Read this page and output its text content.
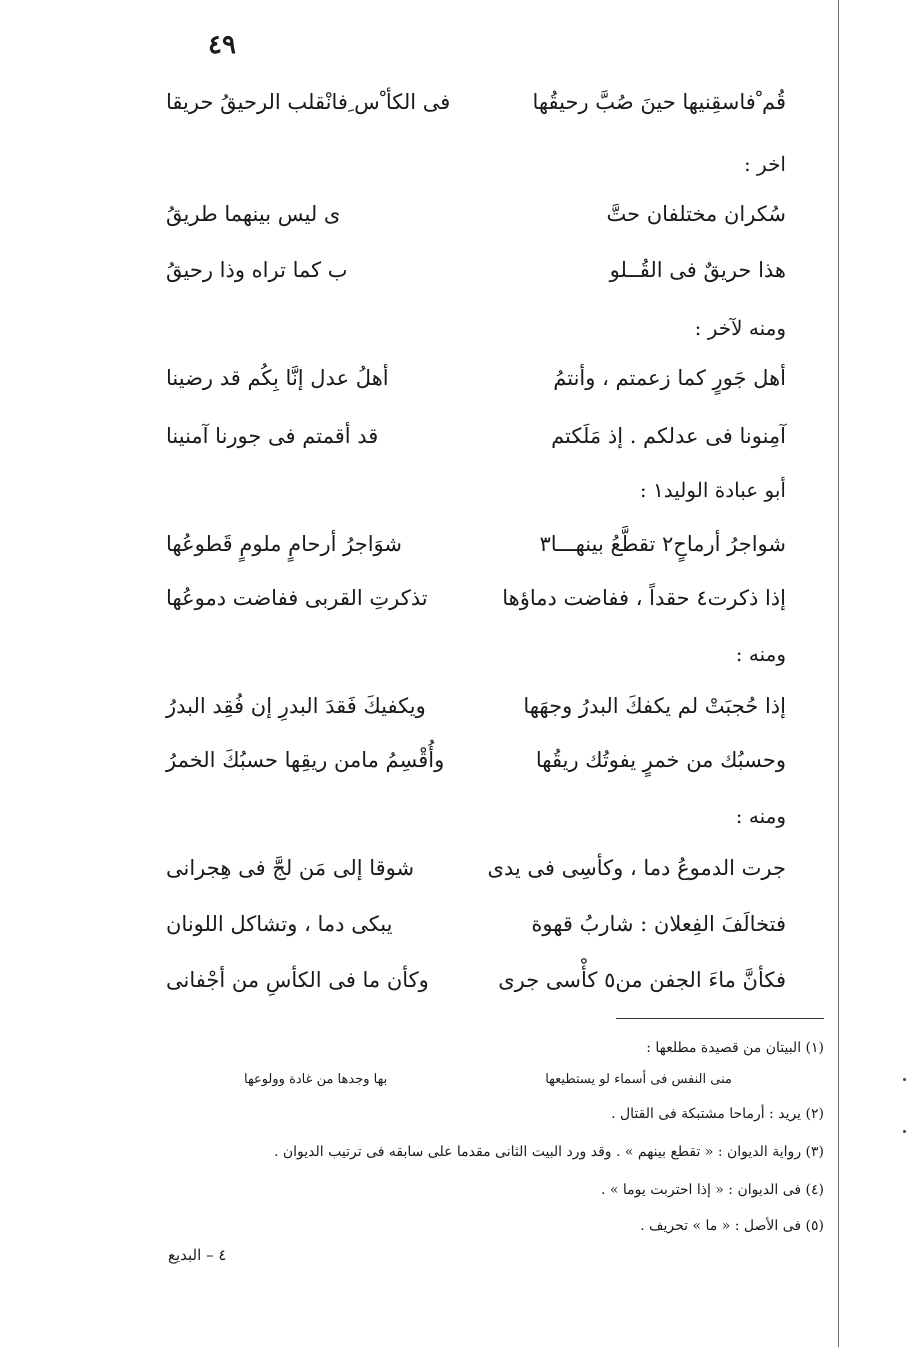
٤٩
قُم ْفاسقِنيها حينَ صُبَّ رحيقُها
فى الكأ ْس ِفانْقلب الرحيقُ حريقا
اخر :
سُكران مختلفان حتَّ
ى ليس بينهما طريقُ
هذا حريقٌ فى القُــلو
ب كما تراه وذا رحيقُ
ومنه لآخر :
أهل جَورٍ كما زعمتم ، وأنتمُ
أهلُ عدل إنَّا بِكُم قد رضينا
آمِنونا فى عدلكم . إذ مَلَكتم
قد أقمتم فى جورنا آمنينا
أبو عبادة الوليد١ :
شواجرُ أرماحٍ٢ تقطَّعُ بينهـــا٣
شوَاجرُ أرحامٍ ملومٍ قَطوعُها
إذا ذكرت٤ حقداً ، ففاضت دماؤها
تذكرتِ القربى ففاضت دموعُها
ومنه :
إذا حُجبَتْ لم يكفكَ البدرُ وجهَها
ويكفيكَ فَقدَ البدرِ إن فُقِد البدرُ
وحسبُك من خمرٍ يفوتُك ريقُها
وأُقْسِمُ مامن ريقِها حسبُكَ الخمرُ
ومنه :
جرت الدموعُ دما ، وكأسِى فى يدى
شوقا إلى مَن لجَّ فى هِجرانى
فتخالَفَ الفِعلان : شاربُ قهوة
يبكى دما ، وتشاكل اللونان
فكأنَّ ماءَ الجفن من٥ كأْسى جرى
وكأن ما فى الكأسِ من أجْفانى
(١) البيتان من قصيدة مطلعها :
منى النفس فى أسماء لو يستطيعها
بها وجدها من غادة وولوعها
(٢) يريد : أرماحا مشتبكة فى القتال .
(٣) رواية الديوان : « تقطع بينهم » . وقد ورد البيت الثانى مقدما على سابقه فى ترتيب الديوان .
(٤) فى الديوان : « إذا احتربت يوما » .
(٥) فى الأصل : « ما » تحريف .
٤ – البديع
